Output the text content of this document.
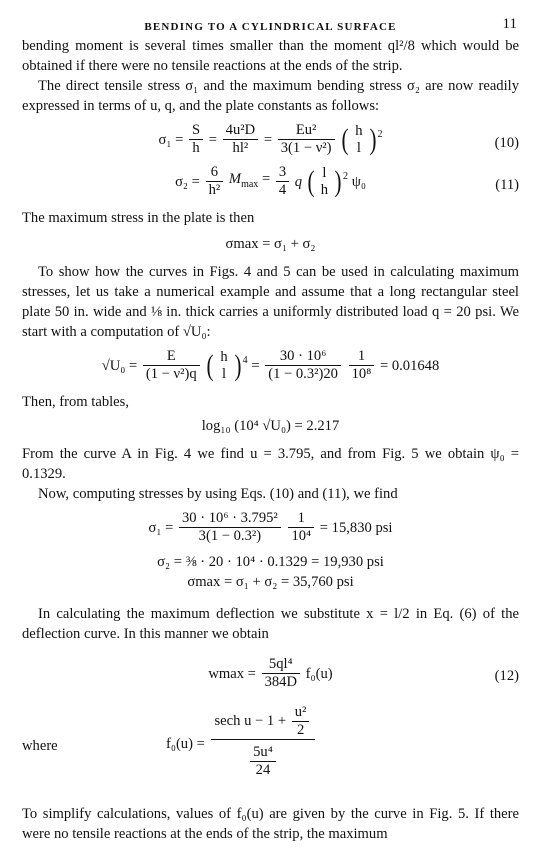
BENDING TO A CYLINDRICAL SURFACE	11

bending moment is several times smaller than the moment ql²/8 which would be obtained if there were no tensile reactions at the ends of the strip.

The direct tensile stress σ₁ and the maximum bending stress σ₂ are now readily expressed in terms of u, q, and the plate constants as follows:

$\sigma_1 = \frac{S}{h} = \frac{\text{4u²D}}{\text{hl²}} = \frac{\text{Eu²}}{\text{3(1 − ν²)}}$ ( h
l ) $^2$
(10)
$\sigma_2 = \frac{6}{\text{h²}} M_{max} = \frac{3}{4}$ q ( l
h ) $^2$ ψ₀	(11)

The maximum stress in the plate is then

σmax = σ₁ + σ₂

To show how the curves in Figs. 4 and 5 can be used in calculating maximum stresses, let us take a numerical example and assume that a long rectangular steel plate 50 in. wide and ⅛ in. thick carries a uniformly distributed load q = 20 psi. We start with a computation of √U₀:

$√U_0 = \frac{E}{\text{(1 − ν²)q}}$ ( h
l ) $^4 = \frac{\text{30 · 10⁶}}{\text{(1 − 0.3²)20}}$
$\frac{1}{\text{10⁸}} = 0.01648$

Then, from tables,

log₁₀ (10⁴ √U₀) = 2.217

From the curve A in Fig. 4 we find u = 3.795, and from Fig. 5 we obtain ψ₀ = 0.1329.

Now, computing stresses by using Eqs. (10) and (11), we find

$\sigma_1 = \frac{\text{30 · 10⁶ · 3.795²}}{\text{3(1 − 0.3²)}}$
$\frac{1}{\text{10⁴}} = 15,830$ psi
σ₂ = ⅜ · 20 · 10⁴ · 0.1329 = 19,930 psi
σmax = σ₁ + σ₂ = 35,760 psi

In calculating the maximum deflection we substitute x = l/2 in Eq. (6) of the deflection curve. In this manner we obtain

$wmax = \frac{\text{5ql⁴}}{384D} f_0(u)$	(12)
where	$f_0(u) = \frac{\sec h u - 1 + \frac{\text{u²}}{2}}{\frac{\text{5u⁴}}{24}}$

To simplify calculations, values of f₀(u) are given by the curve in Fig. 5. If there were no tensile reactions at the ends of the strip, the maximum
